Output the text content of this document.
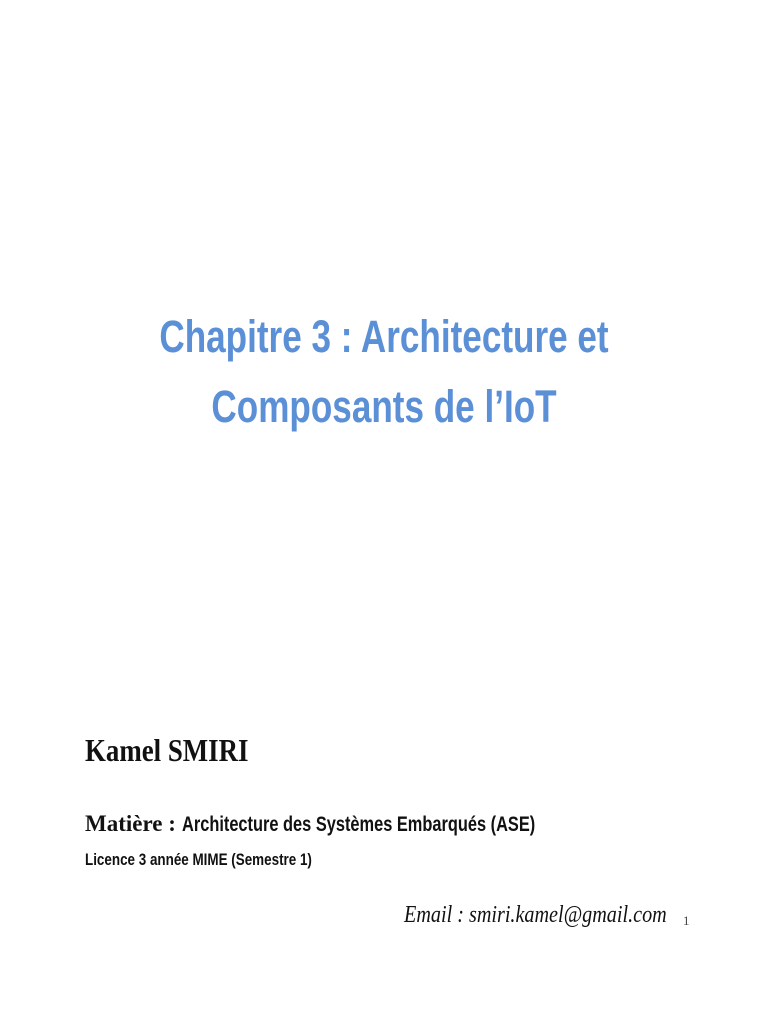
Chapitre 3 : Architecture et
Composants de l’IoT
Kamel SMIRI
Matière : Architecture des Systèmes Embarqués (ASE)
Licence 3 année MIME (Semestre 1)
Email : smiri.kamel@gmail.com 1
